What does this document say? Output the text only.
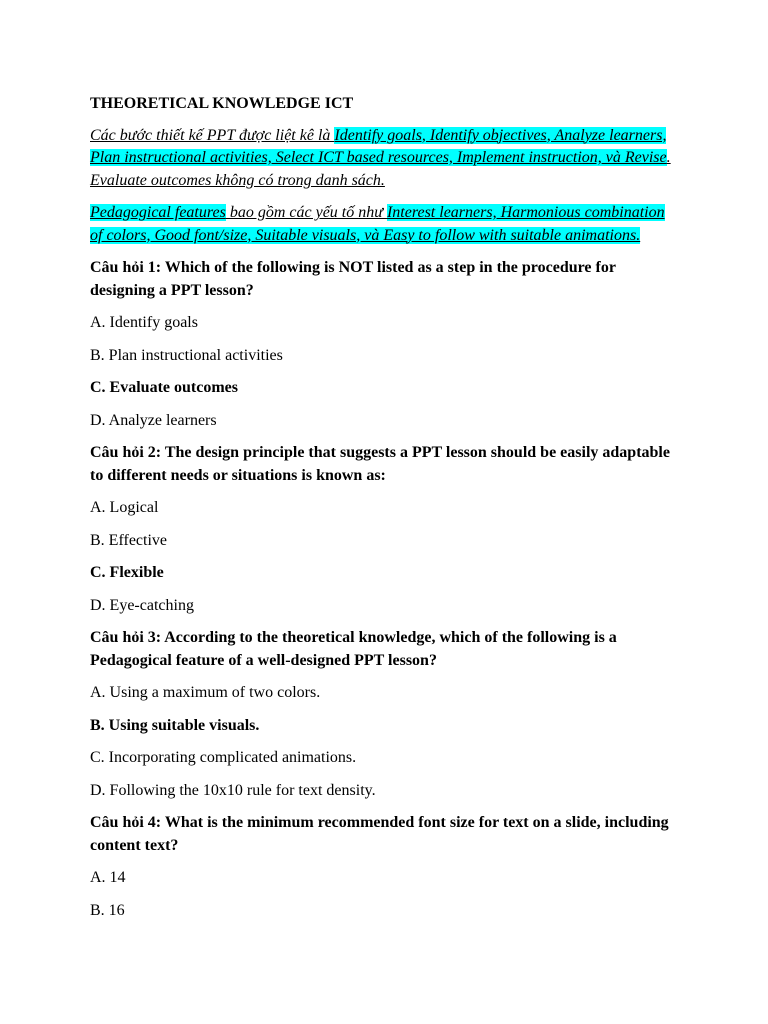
THEORETICAL KNOWLEDGE ICT

Các bước thiết kế PPT được liệt kê là Identify goals, Identify objectives, Analyze learners, Plan instructional activities, Select ICT based resources, Implement instruction, và Revise. Evaluate outcomes không có trong danh sách.

Pedagogical features bao gồm các yếu tố như Interest learners, Harmonious combination of colors, Good font/size, Suitable visuals, và Easy to follow with suitable animations.

Câu hỏi 1: Which of the following is NOT listed as a step in the procedure for designing a PPT lesson?

A. Identify goals

B. Plan instructional activities

C. Evaluate outcomes

D. Analyze learners

Câu hỏi 2: The design principle that suggests a PPT lesson should be easily adaptable to different needs or situations is known as:

A. Logical

B. Effective

C. Flexible

D. Eye-catching

Câu hỏi 3: According to the theoretical knowledge, which of the following is a Pedagogical feature of a well-designed PPT lesson?

A. Using a maximum of two colors.

B. Using suitable visuals.

C. Incorporating complicated animations.

D. Following the 10x10 rule for text density.

Câu hỏi 4: What is the minimum recommended font size for text on a slide, including content text?

A. 14

B. 16
